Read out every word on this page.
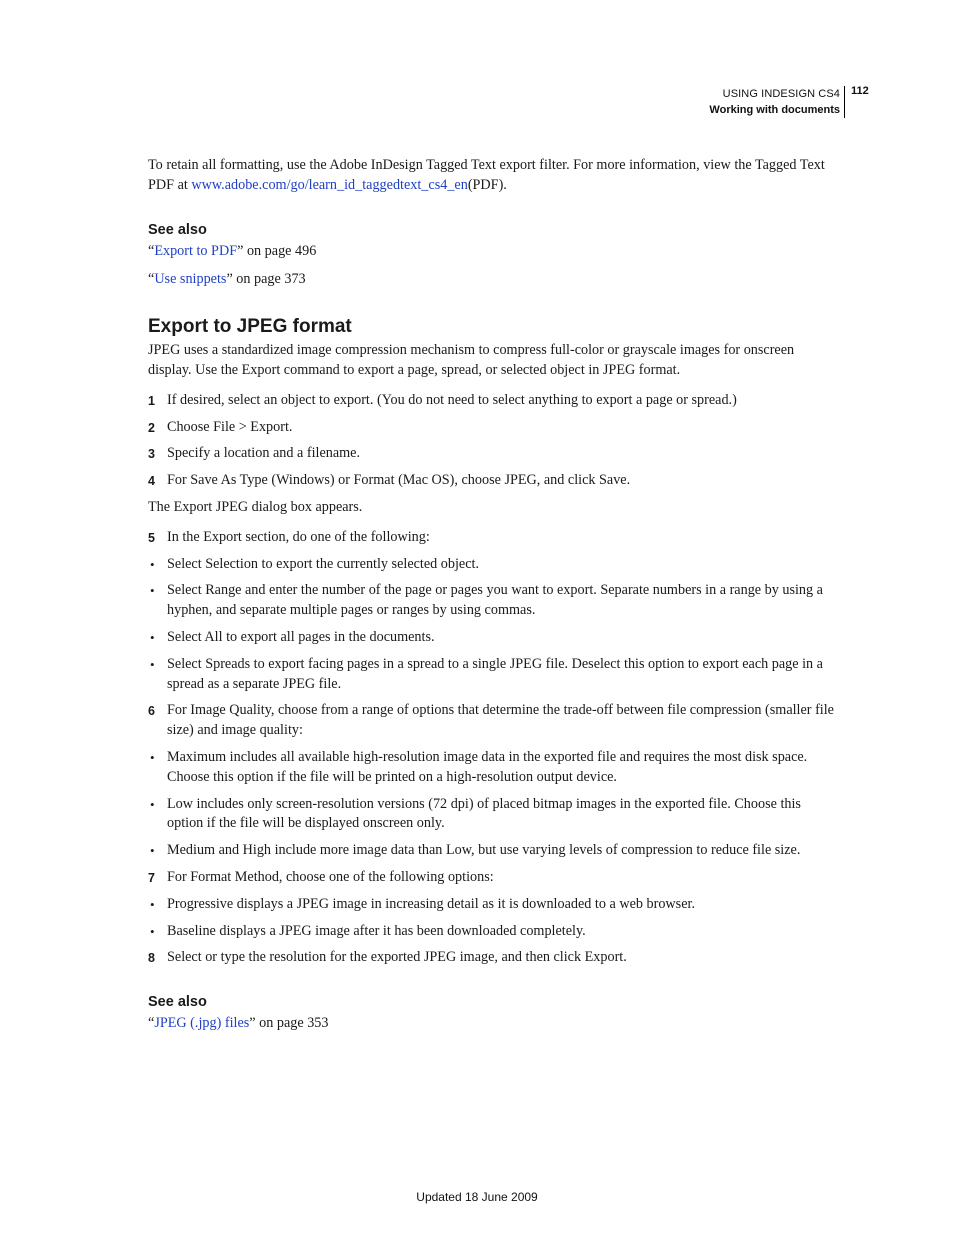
USING INDESIGN CS4
Working with documents
112

To retain all formatting, use the Adobe InDesign Tagged Text export filter. For more information, view the Tagged Text PDF at www.adobe.com/go/learn_id_taggedtext_cs4_en(PDF).

See also

“Export to PDF” on page 496

“Use snippets” on page 373

Export to JPEG format

JPEG uses a standardized image compression mechanism to compress full-color or grayscale images for onscreen display. Use the Export command to export a page, spread, or selected object in JPEG format.

1 If desired, select an object to export. (You do not need to select anything to export a page or spread.)

2 Choose File > Export.

3 Specify a location and a filename.

4 For Save As Type (Windows) or Format (Mac OS), choose JPEG, and click Save.

The Export JPEG dialog box appears.

5 In the Export section, do one of the following:

• Select Selection to export the currently selected object.

• Select Range and enter the number of the page or pages you want to export. Separate numbers in a range by using a hyphen, and separate multiple pages or ranges by using commas.

• Select All to export all pages in the documents.

• Select Spreads to export facing pages in a spread to a single JPEG file. Deselect this option to export each page in a spread as a separate JPEG file.

6 For Image Quality, choose from a range of options that determine the trade-off between file compression (smaller file size) and image quality:

• Maximum includes all available high-resolution image data in the exported file and requires the most disk space. Choose this option if the file will be printed on a high-resolution output device.

• Low includes only screen-resolution versions (72 dpi) of placed bitmap images in the exported file. Choose this option if the file will be displayed onscreen only.

• Medium and High include more image data than Low, but use varying levels of compression to reduce file size.

7 For Format Method, choose one of the following options:

• Progressive displays a JPEG image in increasing detail as it is downloaded to a web browser.

• Baseline displays a JPEG image after it has been downloaded completely.

8 Select or type the resolution for the exported JPEG image, and then click Export.

See also

“JPEG (.jpg) files” on page 353

Updated 18 June 2009
